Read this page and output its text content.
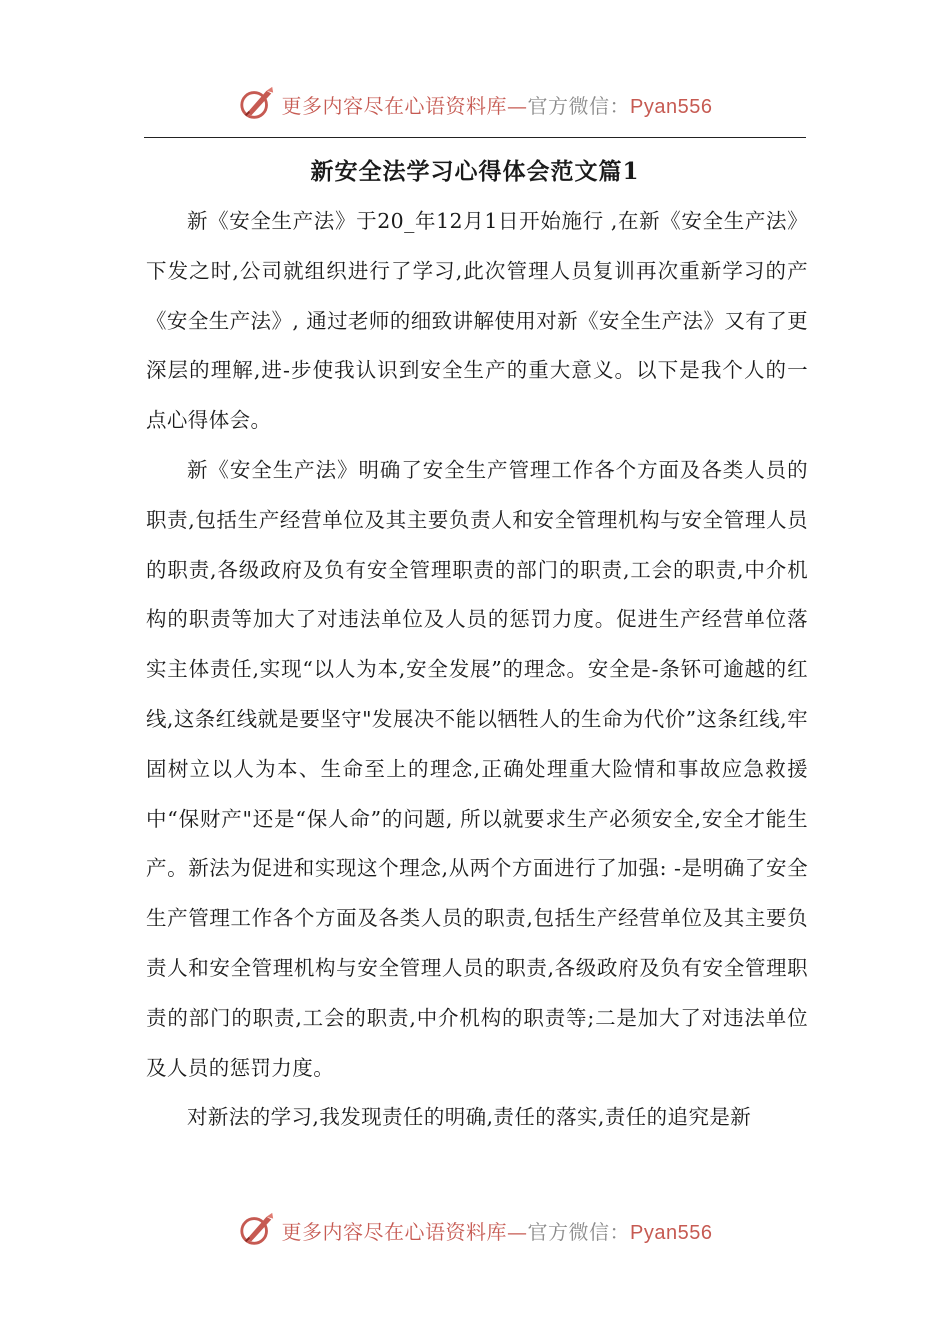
更多内容尽在心语资料库—官方微信：Pyan556
新安全法学习心得体会范文篇1

新《安全生产法》于20_年12月1日开始施行 ,在新《安全生产法》下发之时,公司就组织进行了学习,此次管理人员复训再次重新学习的产《安全生产法》, 通过老师的细致讲解使用对新《安全生产法》又有了更深层的理解,进-步使我认识到安全生产的重大意义。以下是我个人的一点心得体会。

新《安全生产法》明确了安全生产管理工作各个方面及各类人员的职责,包括生产经营单位及其主要负责人和安全管理机构与安全管理人员的职责,各级政府及负有安全管理职责的部门的职责,工会的职责,中介机构的职责等加大了对违法单位及人员的惩罚力度。促进生产经营单位落实主体责任,实现“以人为本,安全发展”的理念。安全是-条钚可逾越的红线,这条红线就是要坚守"发展决不能以牺牲人的生命为代价”这条红线,牢固树立以人为本、生命至上的理念,正确处理重大险情和事故应急救援中“保财产"还是“保人命”的问题, 所以就要求生产必须安全,安全才能生产。新法为促进和实现这个理念,从两个方面进行了加强: -是明确了安全生产管理工作各个方面及各类人员的职责,包括生产经营单位及其主要负责人和安全管理机构与安全管理人员的职责,各级政府及负有安全管理职责的部门的职责,工会的职责,中介机构的职责等;二是加大了对违法单位及人员的惩罚力度。

对新法的学习,我发现责任的明确,责任的落实,责任的追究是新

更多内容尽在心语资料库—官方微信：Pyan556
